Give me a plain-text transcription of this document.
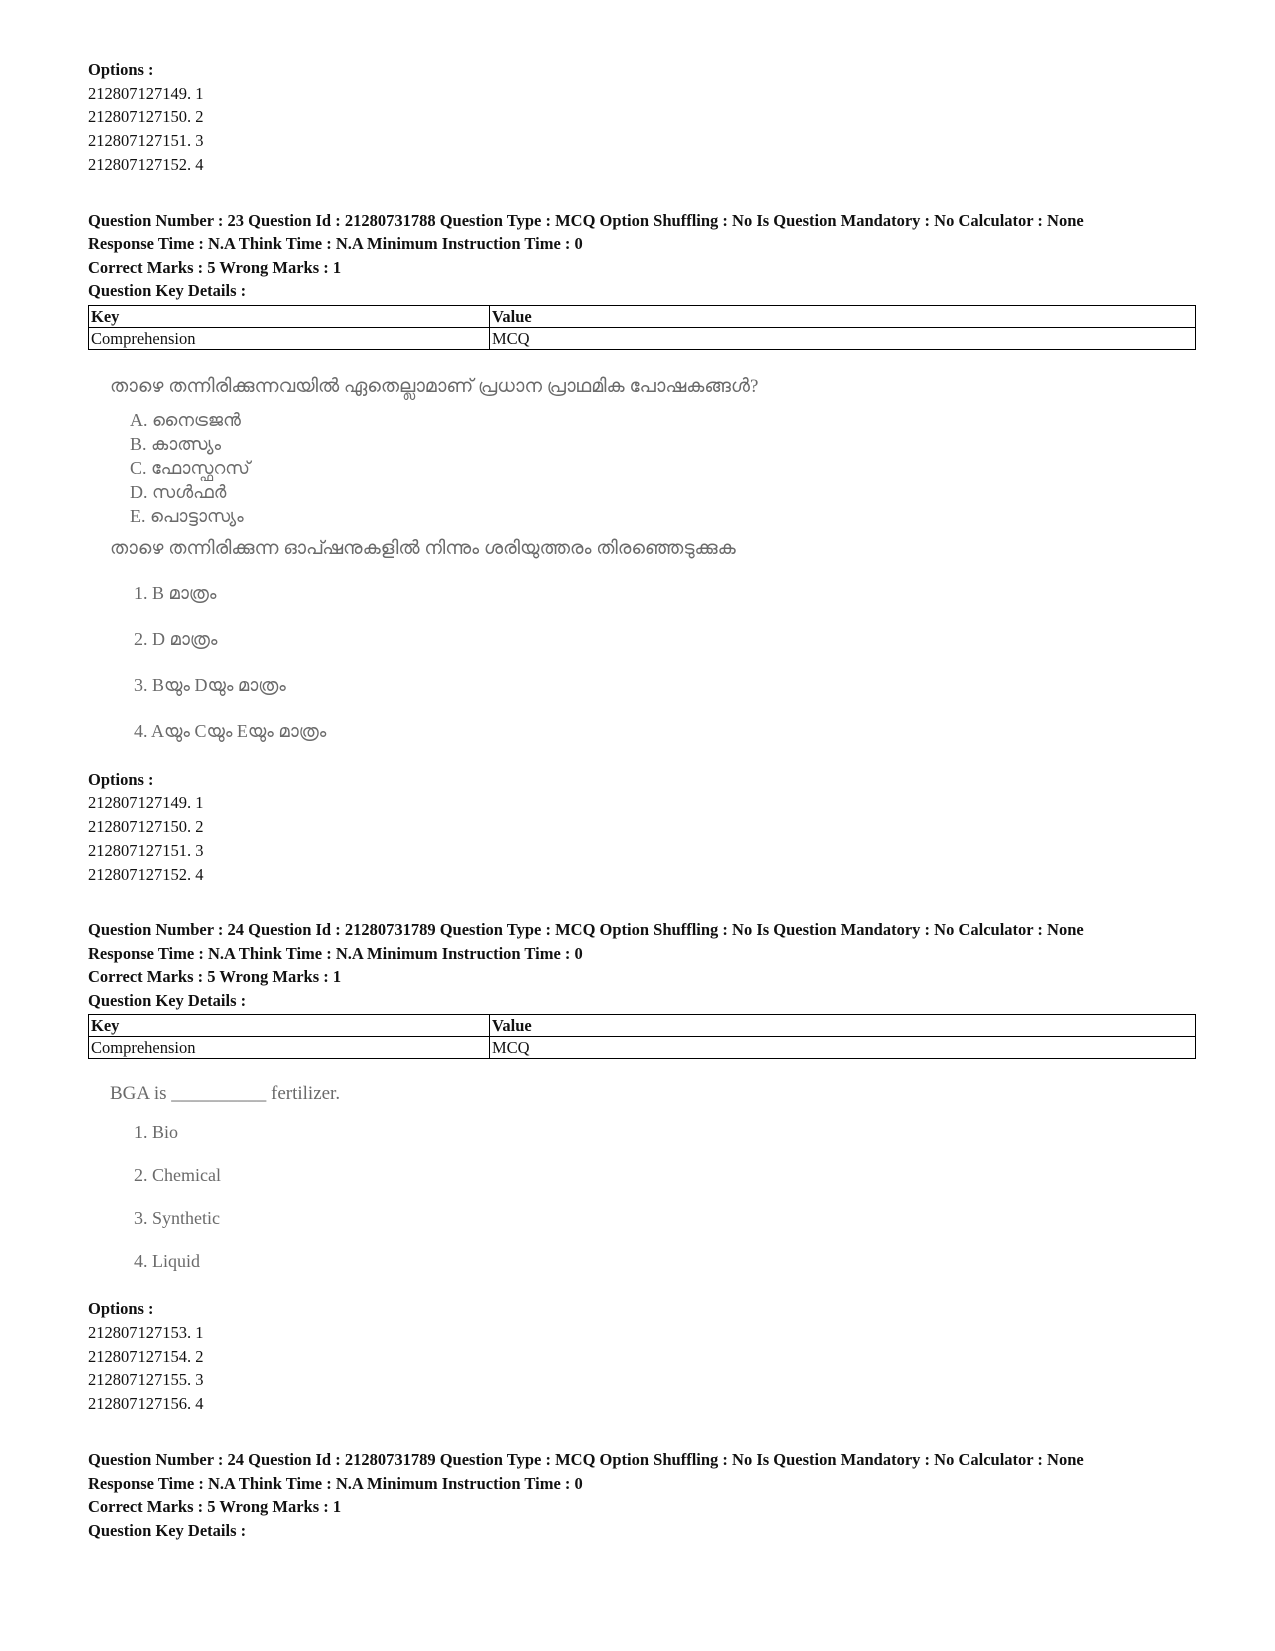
Options :
212807127149. 1
212807127150. 2
212807127151. 3
212807127152. 4
Question Number : 23 Question Id : 21280731788 Question Type : MCQ Option Shuffling : No Is Question Mandatory : No Calculator : None
Response Time : N.A Think Time : N.A Minimum Instruction Time : 0
Correct Marks : 5 Wrong Marks : 1
Question Key Details :
Key	Value
Comprehension	MCQ
താഴെ തന്നിരിക്കുന്നവയിൽ ഏതെല്ലാമാണ് പ്രധാന പ്രാഥമിക പോഷകങ്ങൾ?
A. നൈട്രജൻ
B. കാത്സ്യം
C. ഫോസ്ഫറസ്
D. സൾഫർ
E. പൊട്ടാസ്യം
താഴെ തന്നിരിക്കുന്ന ഓപ്ഷനുകളിൽ നിന്നും ശരിയുത്തരം തിരഞ്ഞെടുക്കുക
1. B മാത്രം
2. D മാത്രം
3. Bയും Dയും മാത്രം
4. Aയും Cയും Eയും മാത്രം
Options :
212807127149. 1
212807127150. 2
212807127151. 3
212807127152. 4
Question Number : 24 Question Id : 21280731789 Question Type : MCQ Option Shuffling : No Is Question Mandatory : No Calculator : None
Response Time : N.A Think Time : N.A Minimum Instruction Time : 0
Correct Marks : 5 Wrong Marks : 1
Question Key Details :
Key	Value
Comprehension	MCQ
BGA is __________ fertilizer.
1. Bio
2. Chemical
3. Synthetic
4. Liquid
Options :
212807127153. 1
212807127154. 2
212807127155. 3
212807127156. 4
Question Number : 24 Question Id : 21280731789 Question Type : MCQ Option Shuffling : No Is Question Mandatory : No Calculator : None
Response Time : N.A Think Time : N.A Minimum Instruction Time : 0
Correct Marks : 5 Wrong Marks : 1
Question Key Details :
